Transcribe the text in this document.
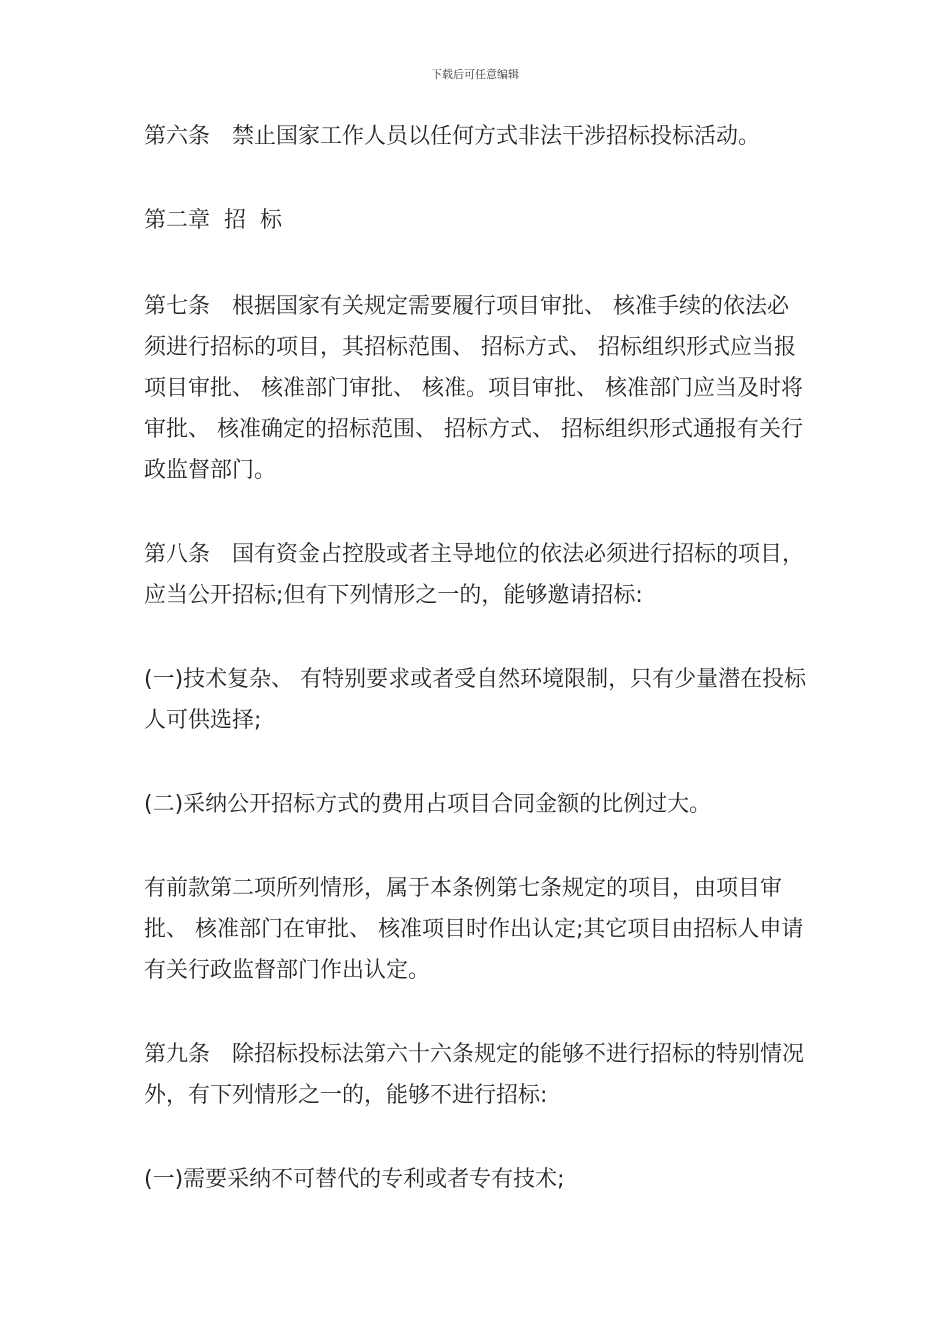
下载后可任意编辑

第六条　禁止国家工作人员以任何方式非法干涉招标投标活动。

第二章  招  标

第七条　根据国家有关规定需要履行项目审批、 核准手续的依法必须进行招标的项目，其招标范围、 招标方式、 招标组织形式应当报项目审批、 核准部门审批、 核准。项目审批、 核准部门应当及时将审批、 核准确定的招标范围、 招标方式、 招标组织形式通报有关行政监督部门。

第八条　国有资金占控股或者主导地位的依法必须进行招标的项目，应当公开招标;但有下列情形之一的，能够邀请招标:

(一)技术复杂、 有特别要求或者受自然环境限制，只有少量潜在投标人可供选择;

(二)采纳公开招标方式的费用占项目合同金额的比例过大。

有前款第二项所列情形，属于本条例第七条规定的项目，由项目审批、 核准部门在审批、 核准项目时作出认定;其它项目由招标人申请有关行政监督部门作出认定。

第九条　除招标投标法第六十六条规定的能够不进行招标的特别情况外，有下列情形之一的，能够不进行招标:

(一)需要采纳不可替代的专利或者专有技术;
